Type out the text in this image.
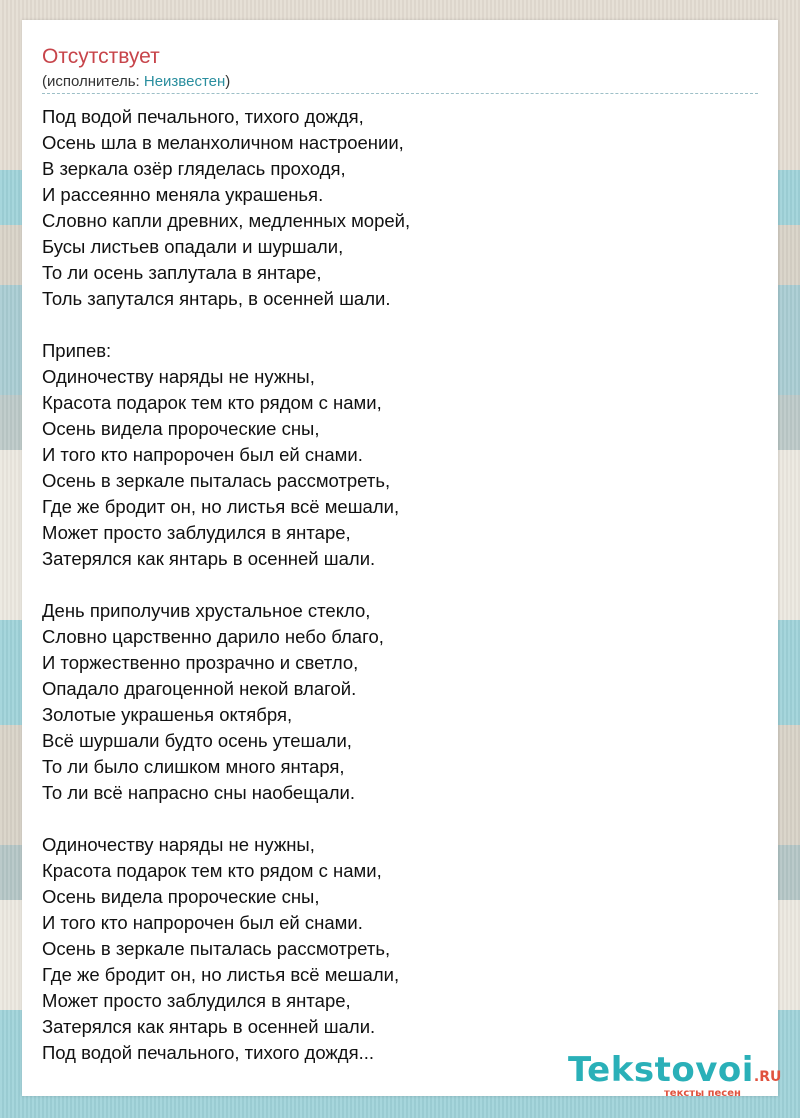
Отсутствует
(исполнитель: Неизвестен)
Под водой печального, тихого дождя,
Осень шла в меланхоличном настроении,
В зеркала озёр гляделась проходя,
И рассеянно меняла украшенья.
Словно капли древних, медленных морей,
Бусы листьев опадали и шуршали,
То ли осень заплутала в янтаре,
Толь запутался янтарь, в осенней шали.
Припев:
Одиночеству наряды не нужны,
Красота подарок тем кто рядом с нами,
Осень видела пророческие сны,
И того кто напророчен был ей снами.
Осень в зеркале пыталась рассмотреть,
Где же бродит он, но листья всё мешали,
Может просто заблудился в янтаре,
Затерялся как янтарь в осенней шали.
День приполучив хрустальное стекло,
Словно царственно дарило небо благо,
И торжественно прозрачно и светло,
Опадало драгоценной некой влагой.
Золотые украшенья октября,
Всё шуршали будто осень утешали,
То ли было слишком много янтаря,
То ли всё напрасно сны наобещали.
Одиночеству наряды не нужны,
Красота подарок тем кто рядом с нами,
Осень видела пророческие сны,
И того кто напророчен был ей снами.
Осень в зеркале пыталась рассмотреть,
Где же бродит он, но листья всё мешали,
Может просто заблудился в янтаре,
Затерялся как янтарь в осенней шали.
Под водой печального, тихого дождя...	Tekstovoi.RU
тексты песен
